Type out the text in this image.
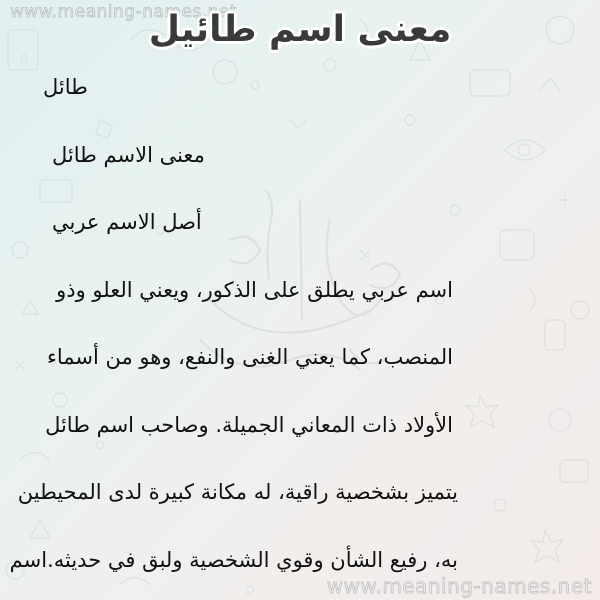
www.meaning-names.net
معنى اسم طائيل
طائل
معنى الاسم طائل
أصل الاسم عربي
اسم عربي يطلق على الذكور، ويعني العلو وذو
المنصب، كما يعني الغنى والنفع، وهو من أسماء
الأولاد ذات المعاني الجميلة. وصاحب اسم طائل
يتميز بشخصية راقية، له مكانة كبيرة لدى المحيطين
به، رفيع الشأن وقوي الشخصية ولبق في حديثه.اسم
www.meaning-names.net
